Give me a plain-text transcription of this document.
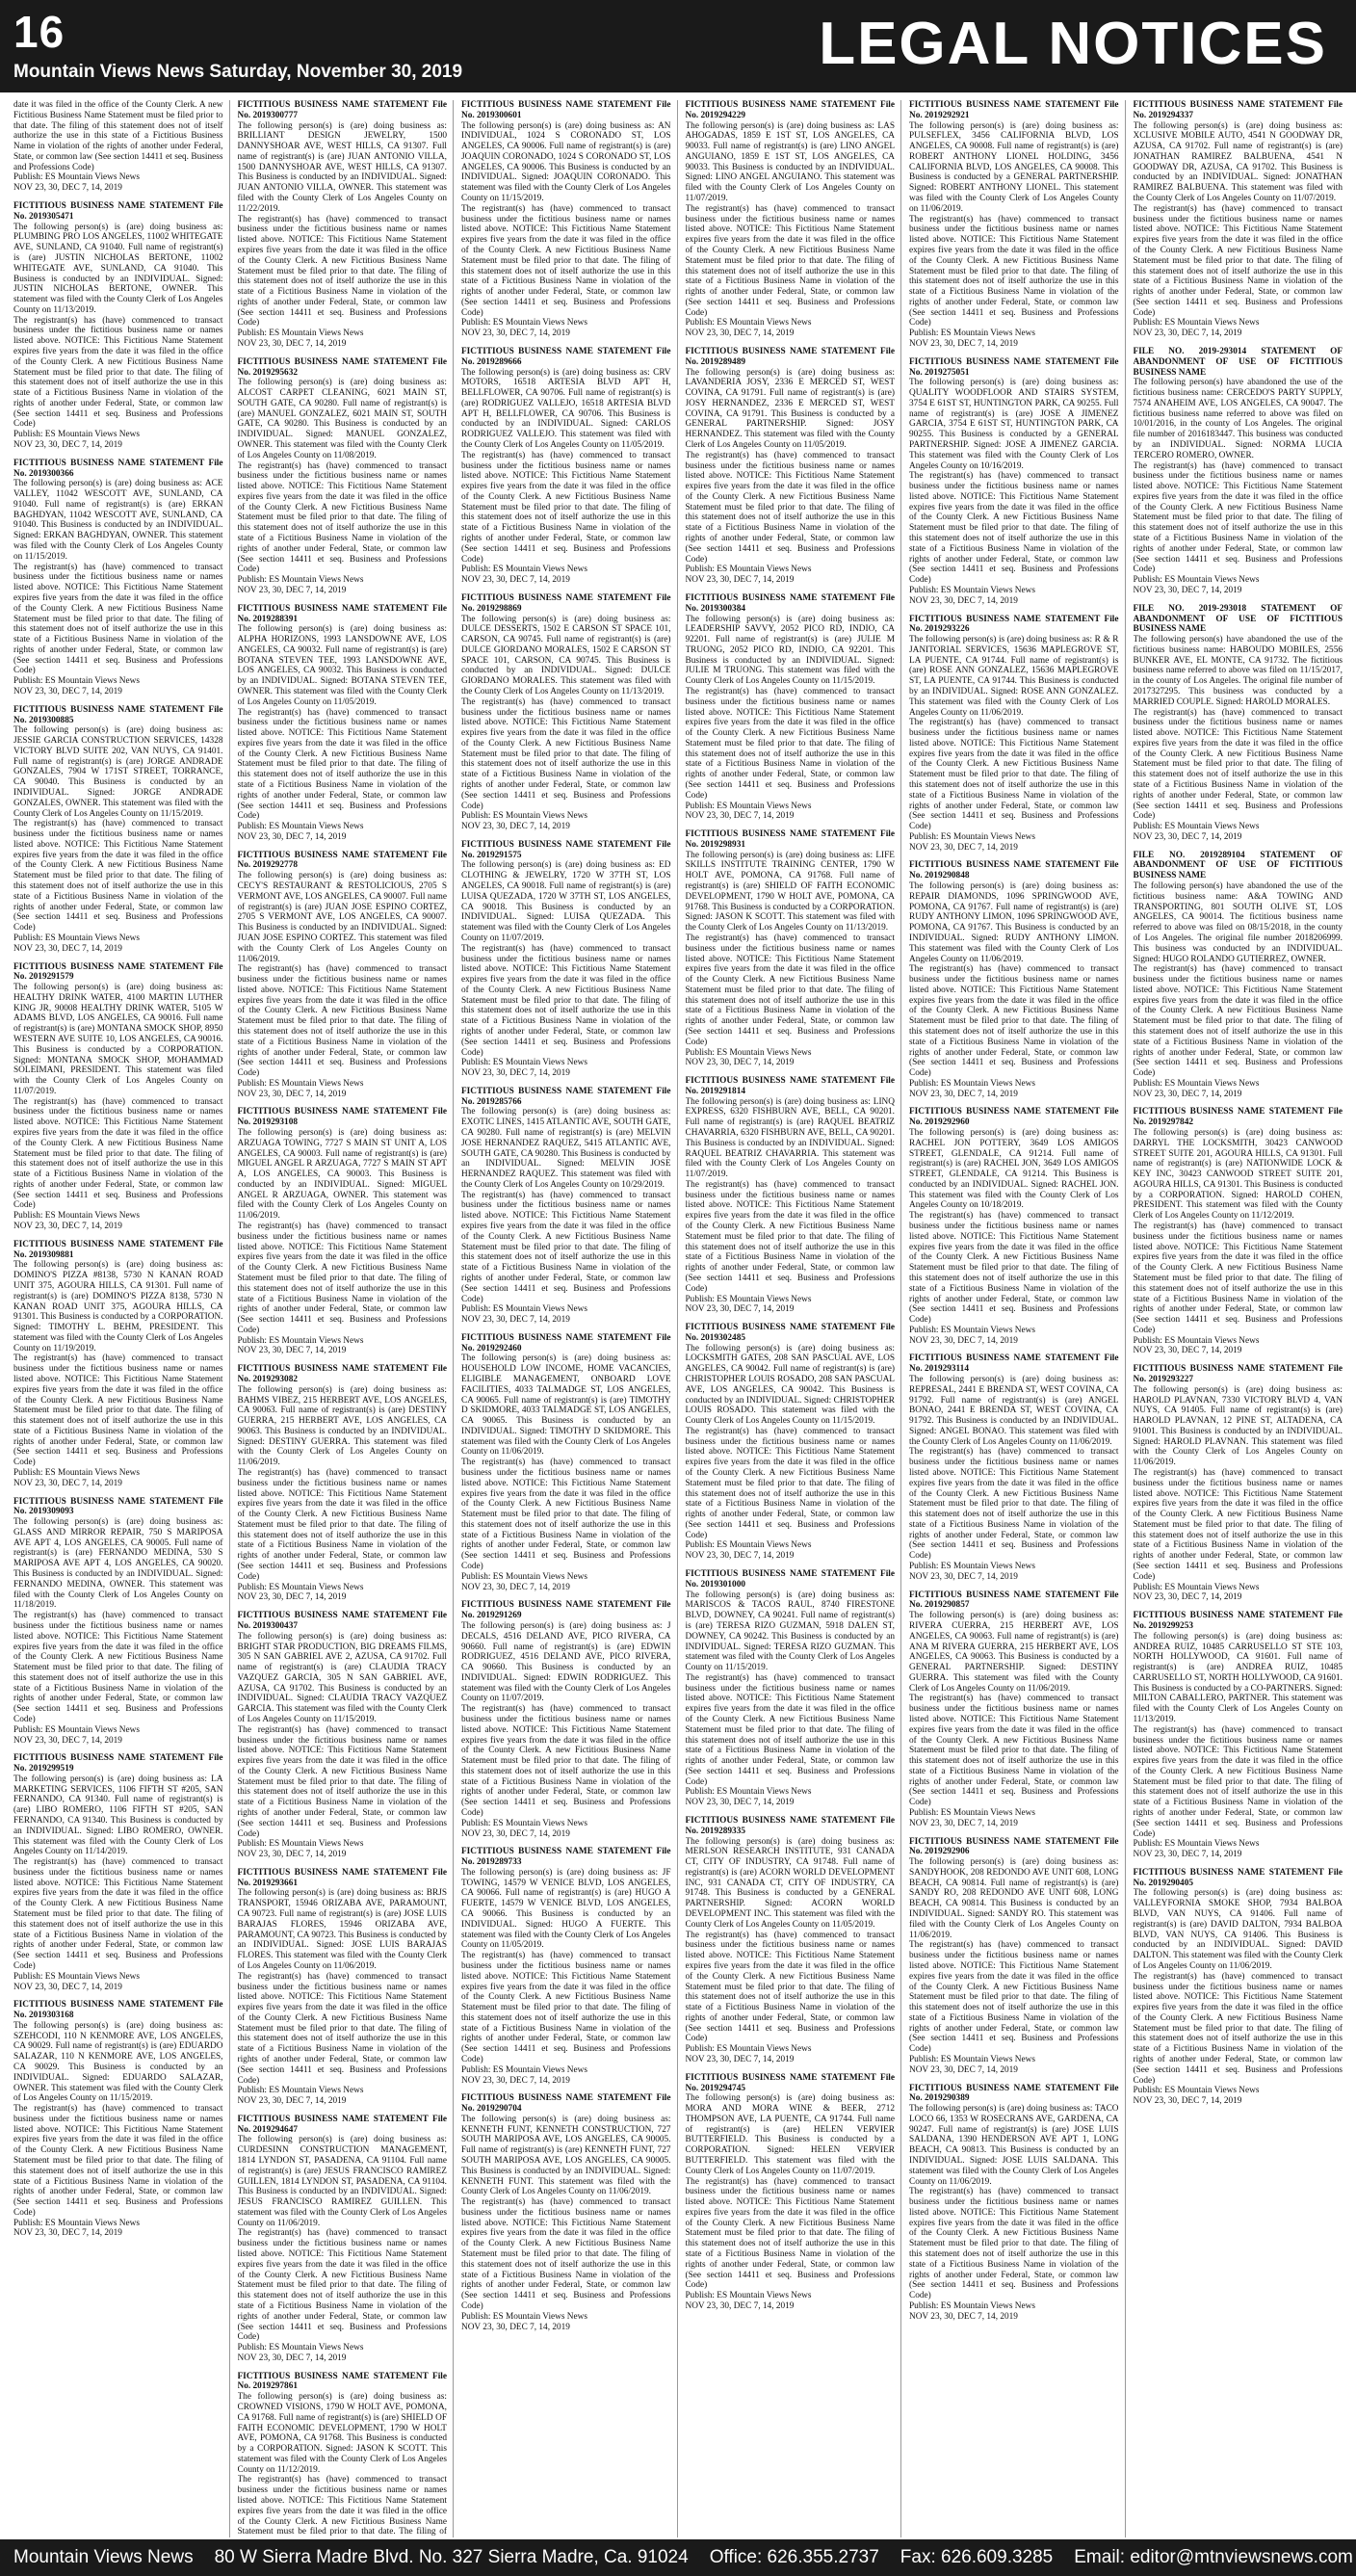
16
Mountain Views News Saturday, November 30, 2019	LEGAL NOTICES

date it was filed in the office of the County Clerk. A new Fictitious Business Name Statement must be filed prior to that date. The filing of this statement does not of itself authorize the use in this state of a Fictitious Business Name in violation of the rights of another under Federal, State, or common law (See section 14411 et seq. Business and Professions Code)

Publish: ES Mountain Views News

NOV 23, 30, DEC 7, 14, 2019

FICTITIOUS BUSINESS NAME STATEMENT File No. 2019305471

The following person(s) is (are) doing business as: PLUMBING PRO LOS ANGELES, 11002 WHITEGATE AVE, SUNLAND, CA 91040. Full name of registrant(s) is (are) JUSTIN NICHOLAS BERTONE, 11002 WHITEGATE AVE, SUNLAND, CA 91040. This Business is conducted by an INDIVIDUAL. Signed: JUSTIN NICHOLAS BERTONE, OWNER. This statement was filed with the County Clerk of Los Angeles County on 11/13/2019.

The registrant(s) has (have) commenced to transact business under the fictitious business name or names listed above. NOTICE: This Fictitious Name Statement expires five years from the date it was filed in the office of the County Clerk. A new Fictitious Business Name Statement must be filed prior to that date. The filing of this statement does not of itself authorize the use in this state of a Fictitious Business Name in violation of the rights of another under Federal, State, or common law (See section 14411 et seq. Business and Professions Code)

Publish: ES Mountain Views News

NOV 23, 30, DEC 7, 14, 2019

FICTITIOUS BUSINESS NAME STATEMENT File No. 2019300366

The following person(s) is (are) doing business as: ACE VALLEY, 11042 WESCOTT AVE, SUNLAND, CA 91040. Full name of registrant(s) is (are) ERKAN BAGHDYAN, 11042 WESCOTT AVE, SUNLAND, CA 91040. This Business is conducted by an INDIVIDUAL. Signed: ERKAN BAGHDYAN, OWNER. This statement was filed with the County Clerk of Los Angeles County on 11/15/2019.

The registrant(s) has (have) commenced to transact business under the fictitious business name or names listed above. NOTICE: This Fictitious Name Statement expires five years from the date it was filed in the office of the County Clerk. A new Fictitious Business Name Statement must be filed prior to that date. The filing of this statement does not of itself authorize the use in this state of a Fictitious Business Name in violation of the rights of another under Federal, State, or common law (See section 14411 et seq. Business and Professions Code)

Publish: ES Mountain Views News

NOV 23, 30, DEC 7, 14, 2019

FICTITIOUS BUSINESS NAME STATEMENT File No. 2019300885

The following person(s) is (are) doing business as: JESSIE GARCIA CONSTRUCTION SERVICES, 14328 VICTORY BLVD SUITE 202, VAN NUYS, CA 91401. Full name of registrant(s) is (are) JORGE ANDRADE GONZALES, 7904 W 171ST STREET, TORRANCE, CA 90040. This Business is conducted by an INDIVIDUAL. Signed: JORGE ANDRADE GONZALES, OWNER. This statement was filed with the County Clerk of Los Angeles County on 11/15/2019.

The registrant(s) has (have) commenced to transact business under the fictitious business name or names listed above. NOTICE: This Fictitious Name Statement expires five years from the date it was filed in the office of the County Clerk. A new Fictitious Business Name Statement must be filed prior to that date. The filing of this statement does not of itself authorize the use in this state of a Fictitious Business Name in violation of the rights of another under Federal, State, or common law (See section 14411 et seq. Business and Professions Code)

Publish: ES Mountain Views News

NOV 23, 30, DEC 7, 14, 2019

FICTITIOUS BUSINESS NAME STATEMENT File No. 2019291579

The following person(s) is (are) doing business as: HEALTHY DRINK WATER, 4100 MARTIN LUTHER KING JR, 90008 HEALTHY DRINK WATER, 5105 W ADAMS BLVD, LOS ANGELES, CA 90016. Full name of registrant(s) is (are) MONTANA SMOCK SHOP, 8950 WESTERN AVE SUITE 10, LOS ANGELES, CA 90016. This Business is conducted by a CORPORATION. Signed: MONTANA SMOCK SHOP, MOHAMMAD SOLEIMANI, PRESIDENT. This statement was filed with the County Clerk of Los Angeles County on 11/07/2019.

The registrant(s) has (have) commenced to transact business under the fictitious business name or names listed above. NOTICE: This Fictitious Name Statement expires five years from the date it was filed in the office of the County Clerk. A new Fictitious Business Name Statement must be filed prior to that date. The filing of this statement does not of itself authorize the use in this state of a Fictitious Business Name in violation of the rights of another under Federal, State, or common law (See section 14411 et seq. Business and Professions Code)

Publish: ES Mountain Views News

NOV 23, 30, DEC 7, 14, 2019

FICTITIOUS BUSINESS NAME STATEMENT File No. 2019309881

The following person(s) is (are) doing business as: DOMINO'S PIZZA #8138, 5730 N KANAN ROAD UNIT 375, AGOURA HILLS, CA 91301. Full name of registrant(s) is (are) DOMINO'S PIZZA 8138, 5730 N KANAN ROAD UNIT 375, AGOURA HILLS, CA 91301. This Business is conducted by a CORPORATION. Signed: TIMOTHY L. BEHM, PRESIDENT. This statement was filed with the County Clerk of Los Angeles County on 11/19/2019.

The registrant(s) has (have) commenced to transact business under the fictitious business name or names listed above. NOTICE: This Fictitious Name Statement expires five years from the date it was filed in the office of the County Clerk. A new Fictitious Business Name Statement must be filed prior to that date. The filing of this statement does not of itself authorize the use in this state of a Fictitious Business Name in violation of the rights of another under Federal, State, or common law (See section 14411 et seq. Business and Professions Code)

Publish: ES Mountain Views News

NOV 23, 30, DEC 7, 14, 2019

FICTITIOUS BUSINESS NAME STATEMENT File No. 2019309093

The following person(s) is (are) doing business as: GLASS AND MIRROR REPAIR, 750 S MARIPOSA AVE APT 4, LOS ANGELES, CA 90005. Full name of registrant(s) is (are) FERNANDO MEDINA, 530 S MARIPOSA AVE APT 4, LOS ANGELES, CA 90020. This Business is conducted by an INDIVIDUAL. Signed: FERNANDO MEDINA, OWNER. This statement was filed with the County Clerk of Los Angeles County on 11/18/2019.

The registrant(s) has (have) commenced to transact business under the fictitious business name or names listed above. NOTICE: This Fictitious Name Statement expires five years from the date it was filed in the office of the County Clerk. A new Fictitious Business Name Statement must be filed prior to that date. The filing of this statement does not of itself authorize the use in this state of a Fictitious Business Name in violation of the rights of another under Federal, State, or common law (See section 14411 et seq. Business and Professions Code)

Publish: ES Mountain Views News

NOV 23, 30, DEC 7, 14, 2019

FICTITIOUS BUSINESS NAME STATEMENT File No. 2019299519

The following person(s) is (are) doing business as: LA MARKETING SERVICES, 1106 FIFTH ST #205, SAN FERNANDO, CA 91340. Full name of registrant(s) is (are) LIBO ROMERO, 1106 FIFTH ST #205, SAN FERNANDO, CA 91340. This Business is conducted by an INDIVIDUAL. Signed: LIBO ROMERO, OWNER. This statement was filed with the County Clerk of Los Angeles County on 11/14/2019.

The registrant(s) has (have) commenced to transact business under the fictitious business name or names listed above. NOTICE: This Fictitious Name Statement expires five years from the date it was filed in the office of the County Clerk. A new Fictitious Business Name Statement must be filed prior to that date. The filing of this statement does not of itself authorize the use in this state of a Fictitious Business Name in violation of the rights of another under Federal, State, or common law (See section 14411 et seq. Business and Professions Code)

Publish: ES Mountain Views News

NOV 23, 30, DEC 7, 14, 2019

FICTITIOUS BUSINESS NAME STATEMENT File No. 2019303168

The following person(s) is (are) doing business as: SZEHCODI, 110 N KENMORE AVE, LOS ANGELES, CA 90029. Full name of registrant(s) is (are) EDUARDO SALAZAR, 110 N KENMORE AVE, LOS ANGELES, CA 90029. This Business is conducted by an INDIVIDUAL. Signed: EDUARDO SALAZAR, OWNER. This statement was filed with the County Clerk of Los Angeles County on 11/15/2019.

The registrant(s) has (have) commenced to transact business under the fictitious business name or names listed above. NOTICE: This Fictitious Name Statement expires five years from the date it was filed in the office of the County Clerk. A new Fictitious Business Name Statement must be filed prior to that date. The filing of this statement does not of itself authorize the use in this state of a Fictitious Business Name in violation of the rights of another under Federal, State, or common law (See section 14411 et seq. Business and Professions Code)

Publish: ES Mountain Views News

NOV 23, 30, DEC 7, 14, 2019

FICTITIOUS BUSINESS NAME STATEMENT File No. 2019300777

The following person(s) is (are) doing business as: BRILLIANT DESIGN JEWELRY, 1500 DANNYSHOAR AVE, WEST HILLS, CA 91307. Full name of registrant(s) is (are) JUAN ANTONIO VILLA, 1500 DANNYSHOAR AVE, WEST HILLS, CA 91307. This Business is conducted by an INDIVIDUAL. Signed: JUAN ANTONIO VILLA, OWNER. This statement was filed with the County Clerk of Los Angeles County on 11/22/2019.

The registrant(s) has (have) commenced to transact business under the fictitious business name or names listed above. NOTICE: This Fictitious Name Statement expires five years from the date it was filed in the office of the County Clerk. A new Fictitious Business Name Statement must be filed prior to that date. The filing of this statement does not of itself authorize the use in this state of a Fictitious Business Name in violation of the rights of another under Federal, State, or common law (See section 14411 et seq. Business and Professions Code)

Publish: ES Mountain Views News

NOV 23, 30, DEC 7, 14, 2019

FICTITIOUS BUSINESS NAME STATEMENT File No. 2019295632

The following person(s) is (are) doing business as: ALCOST CARPET CLEANING, 6021 MAIN ST, SOUTH GATE, CA 90280. Full name of registrant(s) is (are) MANUEL GONZALEZ, 6021 MAIN ST, SOUTH GATE, CA 90280. This Business is conducted by an INDIVIDUAL. Signed: MANUEL GONZALEZ, OWNER. This statement was filed with the County Clerk of Los Angeles County on 11/08/2019.

The registrant(s) has (have) commenced to transact business under the fictitious business name or names listed above. NOTICE: This Fictitious Name Statement expires five years from the date it was filed in the office of the County Clerk. A new Fictitious Business Name Statement must be filed prior to that date. The filing of this statement does not of itself authorize the use in this state of a Fictitious Business Name in violation of the rights of another under Federal, State, or common law (See section 14411 et seq. Business and Professions Code)

Publish: ES Mountain Views News

NOV 23, 30, DEC 7, 14, 2019

FICTITIOUS BUSINESS NAME STATEMENT File No. 2019288391

The following person(s) is (are) doing business as: ALPHA HORIZONS, 1993 LANSDOWNE AVE, LOS ANGELES, CA 90032. Full name of registrant(s) is (are) BOTANA STEVEN TEE, 1993 LANSDOWNE AVE, LOS ANGELES, CA 90032. This Business is conducted by an INDIVIDUAL. Signed: BOTANA STEVEN TEE, OWNER. This statement was filed with the County Clerk of Los Angeles County on 11/05/2019.

The registrant(s) has (have) commenced to transact business under the fictitious business name or names listed above. NOTICE: This Fictitious Name Statement expires five years from the date it was filed in the office of the County Clerk. A new Fictitious Business Name Statement must be filed prior to that date. The filing of this statement does not of itself authorize the use in this state of a Fictitious Business Name in violation of the rights of another under Federal, State, or common law (See section 14411 et seq. Business and Professions Code)

Publish: ES Mountain Views News

NOV 23, 30, DEC 7, 14, 2019

FICTITIOUS BUSINESS NAME STATEMENT File No. 2019292778

The following person(s) is (are) doing business as: CECY'S RESTAURANT & RESTOLICIOUS, 2705 S VERMONT AVE, LOS ANGELES, CA 90007. Full name of registrant(s) is (are) JUAN JOSE ESPINO CORTEZ, 2705 S VERMONT AVE, LOS ANGELES, CA 90007. This Business is conducted by an INDIVIDUAL. Signed: JUAN JOSE ESPINO CORTEZ. This statement was filed with the County Clerk of Los Angeles County on 11/06/2019.

The registrant(s) has (have) commenced to transact business under the fictitious business name or names listed above. NOTICE: This Fictitious Name Statement expires five years from the date it was filed in the office of the County Clerk. A new Fictitious Business Name Statement must be filed prior to that date. The filing of this statement does not of itself authorize the use in this state of a Fictitious Business Name in violation of the rights of another under Federal, State, or common law (See section 14411 et seq. Business and Professions Code)

Publish: ES Mountain Views News

NOV 23, 30, DEC 7, 14, 2019

FICTITIOUS BUSINESS NAME STATEMENT File No. 2019293108

The following person(s) is (are) doing business as: ARZUAGA TOWING, 7727 S MAIN ST UNIT A, LOS ANGELES, CA 90003. Full name of registrant(s) is (are) MIGUEL ANGEL R ARZUAGA, 7727 S MAIN ST APT A, LOS ANGELES, CA 90003. This Business is conducted by an INDIVIDUAL. Signed: MIGUEL ANGEL R ARZUAGA, OWNER. This statement was filed with the County Clerk of Los Angeles County on 11/06/2019.

The registrant(s) has (have) commenced to transact business under the fictitious business name or names listed above. NOTICE: This Fictitious Name Statement expires five years from the date it was filed in the office of the County Clerk. A new Fictitious Business Name Statement must be filed prior to that date. The filing of this statement does not of itself authorize the use in this state of a Fictitious Business Name in violation of the rights of another under Federal, State, or common law (See section 14411 et seq. Business and Professions Code)

Publish: ES Mountain Views News

NOV 23, 30, DEC 7, 14, 2019

FICTITIOUS BUSINESS NAME STATEMENT File No. 2019293082

The following person(s) is (are) doing business as: BAHMS VIBEZ, 215 HERBERT AVE, LOS ANGELES, CA 90063. Full name of registrant(s) is (are) DESTINY GUERRA, 215 HERBERT AVE, LOS ANGELES, CA 90063. This Business is conducted by an INDIVIDUAL. Signed: DESTINY GUERRA. This statement was filed with the County Clerk of Los Angeles County on 11/06/2019.

The registrant(s) has (have) commenced to transact business under the fictitious business name or names listed above. NOTICE: This Fictitious Name Statement expires five years from the date it was filed in the office of the County Clerk. A new Fictitious Business Name Statement must be filed prior to that date. The filing of this statement does not of itself authorize the use in this state of a Fictitious Business Name in violation of the rights of another under Federal, State, or common law (See section 14411 et seq. Business and Professions Code)

Publish: ES Mountain Views News

NOV 23, 30, DEC 7, 14, 2019

FICTITIOUS BUSINESS NAME STATEMENT File No. 2019300437

The following person(s) is (are) doing business as: BRIGHT STAR PRODUCTION, BIG DREAMS FILMS, 305 N SAN GABRIEL AVE 2, AZUSA, CA 91702. Full name of registrant(s) is (are) CLAUDIA TRACY VAZQUEZ GARCIA, 305 N SAN GABRIEL AVE, AZUSA, CA 91702. This Business is conducted by an INDIVIDUAL. Signed: CLAUDIA TRACY VAZQUEZ GARCIA. This statement was filed with the County Clerk of Los Angeles County on 11/15/2019.

The registrant(s) has (have) commenced to transact business under the fictitious business name or names listed above. NOTICE: This Fictitious Name Statement expires five years from the date it was filed in the office of the County Clerk. A new Fictitious Business Name Statement must be filed prior to that date. The filing of this statement does not of itself authorize the use in this state of a Fictitious Business Name in violation of the rights of another under Federal, State, or common law (See section 14411 et seq. Business and Professions Code)

Publish: ES Mountain Views News

NOV 23, 30, DEC 7, 14, 2019

FICTITIOUS BUSINESS NAME STATEMENT File No. 2019293661

The following person(s) is (are) doing business as: BRJS TRANSPORT, 15946 ORIZABA AVE, PARAMOUNT, CA 90723. Full name of registrant(s) is (are) JOSE LUIS BARAJAS FLORES, 15946 ORIZABA AVE, PARAMOUNT, CA 90723. This Business is conducted by an INDIVIDUAL. Signed: JOSE LUIS BARAJAS FLORES. This statement was filed with the County Clerk of Los Angeles County on 11/06/2019.

The registrant(s) has (have) commenced to transact business under the fictitious business name or names listed above. NOTICE: This Fictitious Name Statement expires five years from the date it was filed in the office of the County Clerk. A new Fictitious Business Name Statement must be filed prior to that date. The filing of this statement does not of itself authorize the use in this state of a Fictitious Business Name in violation of the rights of another under Federal, State, or common law (See section 14411 et seq. Business and Professions Code)

Publish: ES Mountain Views News

NOV 23, 30, DEC 7, 14, 2019

FICTITIOUS BUSINESS NAME STATEMENT File No. 2019294647

The following person(s) is (are) doing business as: CURDESINN CONSTRUCTION MANAGEMENT, 1814 LYNDON ST, PASADENA, CA 91104. Full name of registrant(s) is (are) JESUS FRANCISCO RAMIREZ GUILLEN, 1814 LYNDON ST, PASADENA, CA 91104. This Business is conducted by an INDIVIDUAL. Signed: JESUS FRANCISCO RAMIREZ GUILLEN. This statement was filed with the County Clerk of Los Angeles County on 11/06/2019.

The registrant(s) has (have) commenced to transact business under the fictitious business name or names listed above. NOTICE: This Fictitious Name Statement expires five years from the date it was filed in the office of the County Clerk. A new Fictitious Business Name Statement must be filed prior to that date. The filing of this statement does not of itself authorize the use in this state of a Fictitious Business Name in violation of the rights of another under Federal, State, or common law (See section 14411 et seq. Business and Professions Code)

Publish: ES Mountain Views News

NOV 23, 30, DEC 7, 14, 2019

FICTITIOUS BUSINESS NAME STATEMENT File No. 2019297861

The following person(s) is (are) doing business as: CROWNED VISIONS, 1790 W HOLT AVE, POMONA, CA 91768. Full name of registrant(s) is (are) SHIELD OF FAITH ECONOMIC DEVELOPMENT, 1790 W HOLT AVE, POMONA, CA 91768. This Business is conducted by a CORPORATION. Signed: JASON K SCOTT. This statement was filed with the County Clerk of Los Angeles County on 11/12/2019.

The registrant(s) has (have) commenced to transact business under the fictitious business name or names listed above. NOTICE: This Fictitious Name Statement expires five years from the date it was filed in the office of the County Clerk. A new Fictitious Business Name Statement must be filed prior to that date. The filing of

FICTITIOUS BUSINESS NAME STATEMENT File No. 2019300601

The following person(s) is (are) doing business as: AN INDIVIDUAL, 1024 S CORONADO ST, LOS ANGELES, CA 90006. Full name of registrant(s) is (are) JOAQUIN CORONADO, 1024 S CORONADO ST, LOS ANGELES, CA 90006. This Business is conducted by an INDIVIDUAL. Signed: JOAQUIN CORONADO. This statement was filed with the County Clerk of Los Angeles County on 11/15/2019.

The registrant(s) has (have) commenced to transact business under the fictitious business name or names listed above. NOTICE: This Fictitious Name Statement expires five years from the date it was filed in the office of the County Clerk. A new Fictitious Business Name Statement must be filed prior to that date. The filing of this statement does not of itself authorize the use in this state of a Fictitious Business Name in violation of the rights of another under Federal, State, or common law (See section 14411 et seq. Business and Professions Code)

Publish: ES Mountain Views News

NOV 23, 30, DEC 7, 14, 2019

FICTITIOUS BUSINESS NAME STATEMENT File No. 2019289666

The following person(s) is (are) doing business as: CRV MOTORS, 16518 ARTESIA BLVD APT H, BELLFLOWER, CA 90706. Full name of registrant(s) is (are) RODRIGUEZ VALLEJO, 16518 ARTESIA BLVD APT H, BELLFLOWER, CA 90706. This Business is conducted by an INDIVIDUAL. Signed: CARLOS RODRIGUEZ VALLEJO. This statement was filed with the County Clerk of Los Angeles County on 11/05/2019.

The registrant(s) has (have) commenced to transact business under the fictitious business name or names listed above. NOTICE: This Fictitious Name Statement expires five years from the date it was filed in the office of the County Clerk. A new Fictitious Business Name Statement must be filed prior to that date. The filing of this statement does not of itself authorize the use in this state of a Fictitious Business Name in violation of the rights of another under Federal, State, or common law (See section 14411 et seq. Business and Professions Code)

Publish: ES Mountain Views News

NOV 23, 30, DEC 7, 14, 2019

FICTITIOUS BUSINESS NAME STATEMENT File No. 2019298869

The following person(s) is (are) doing business as: DULCE DESSERTS, 1502 E CARSON ST SPACE 101, CARSON, CA 90745. Full name of registrant(s) is (are) DULCE GIORDANO MORALES, 1502 E CARSON ST SPACE 101, CARSON, CA 90745. This Business is conducted by an INDIVIDUAL. Signed: DULCE GIORDANO MORALES. This statement was filed with the County Clerk of Los Angeles County on 11/13/2019.

The registrant(s) has (have) commenced to transact business under the fictitious business name or names listed above. NOTICE: This Fictitious Name Statement expires five years from the date it was filed in the office of the County Clerk. A new Fictitious Business Name Statement must be filed prior to that date. The filing of this statement does not of itself authorize the use in this state of a Fictitious Business Name in violation of the rights of another under Federal, State, or common law (See section 14411 et seq. Business and Professions Code)

Publish: ES Mountain Views News

NOV 23, 30, DEC 7, 14, 2019

FICTITIOUS BUSINESS NAME STATEMENT File No. 2019291575

The following person(s) is (are) doing business as: ED CLOTHING & JEWELRY, 1720 W 37TH ST, LOS ANGELES, CA 90018. Full name of registrant(s) is (are) LUISA QUEZADA, 1720 W 37TH ST, LOS ANGELES, CA 90018. This Business is conducted by an INDIVIDUAL. Signed: LUISA QUEZADA. This statement was filed with the County Clerk of Los Angeles County on 11/07/2019.

The registrant(s) has (have) commenced to transact business under the fictitious business name or names listed above. NOTICE: This Fictitious Name Statement expires five years from the date it was filed in the office of the County Clerk. A new Fictitious Business Name Statement must be filed prior to that date. The filing of this statement does not of itself authorize the use in this state of a Fictitious Business Name in violation of the rights of another under Federal, State, or common law (See section 14411 et seq. Business and Professions Code)

Publish: ES Mountain Views News

NOV 23, 30, DEC 7, 14, 2019

FICTITIOUS BUSINESS NAME STATEMENT File No. 2019285766

The following person(s) is (are) doing business as: EXOTIC LINES, 1415 ATLANTIC AVE, SOUTH GATE, CA 90280. Full name of registrant(s) is (are) MELVIN JOSE HERNANDEZ RAQUEZ, 5415 ATLANTIC AVE, SOUTH GATE, CA 90280. This Business is conducted by an INDIVIDUAL. Signed: MELVIN JOSE HERNANDEZ RAQUEZ. This statement was filed with the County Clerk of Los Angeles County on 10/29/2019.

The registrant(s) has (have) commenced to transact business under the fictitious business name or names listed above. NOTICE: This Fictitious Name Statement expires five years from the date it was filed in the office of the County Clerk. A new Fictitious Business Name Statement must be filed prior to that date. The filing of this statement does not of itself authorize the use in this state of a Fictitious Business Name in violation of the rights of another under Federal, State, or common law (See section 14411 et seq. Business and Professions Code)

Publish: ES Mountain Views News

NOV 23, 30, DEC 7, 14, 2019

FICTITIOUS BUSINESS NAME STATEMENT File No. 2019292460

The following person(s) is (are) doing business as: HOUSEHOLD LOW INCOME, HOME VACANCIES, ELIGIBLE MANAGEMENT, ONBOARD LOVE FACILITIES, 4033 TALMADGE ST, LOS ANGELES, CA 90065. Full name of registrant(s) is (are) TIMOTHY D SKIDMORE, 4033 TALMADGE ST, LOS ANGELES, CA 90065. This Business is conducted by an INDIVIDUAL. Signed: TIMOTHY D SKIDMORE. This statement was filed with the County Clerk of Los Angeles County on 11/06/2019.

The registrant(s) has (have) commenced to transact business under the fictitious business name or names listed above. NOTICE: This Fictitious Name Statement expires five years from the date it was filed in the office of the County Clerk. A new Fictitious Business Name Statement must be filed prior to that date. The filing of this statement does not of itself authorize the use in this state of a Fictitious Business Name in violation of the rights of another under Federal, State, or common law (See section 14411 et seq. Business and Professions Code)

Publish: ES Mountain Views News

NOV 23, 30, DEC 7, 14, 2019

FICTITIOUS BUSINESS NAME STATEMENT File No. 2019291269

The following person(s) is (are) doing business as: J DECALS, 4516 DELAND AVE, PICO RIVERA, CA 90660. Full name of registrant(s) is (are) EDWIN RODRIGUEZ, 4516 DELAND AVE, PICO RIVERA, CA 90660. This Business is conducted by an INDIVIDUAL. Signed: EDWIN RODRIGUEZ. This statement was filed with the County Clerk of Los Angeles County on 11/07/2019.

The registrant(s) has (have) commenced to transact business under the fictitious business name or names listed above. NOTICE: This Fictitious Name Statement expires five years from the date it was filed in the office of the County Clerk. A new Fictitious Business Name Statement must be filed prior to that date. The filing of this statement does not of itself authorize the use in this state of a Fictitious Business Name in violation of the rights of another under Federal, State, or common law (See section 14411 et seq. Business and Professions Code)

Publish: ES Mountain Views News

NOV 23, 30, DEC 7, 14, 2019

FICTITIOUS BUSINESS NAME STATEMENT File No. 2019289733

The following person(s) is (are) doing business as: JF TOWING, 14579 W VENICE BLVD, LOS ANGELES, CA 90066. Full name of registrant(s) is (are) HUGO A FUERTE, 14579 W VENICE BLVD, LOS ANGELES, CA 90066. This Business is conducted by an INDIVIDUAL. Signed: HUGO A FUERTE. This statement was filed with the County Clerk of Los Angeles County on 11/05/2019.

The registrant(s) has (have) commenced to transact business under the fictitious business name or names listed above. NOTICE: This Fictitious Name Statement expires five years from the date it was filed in the office of the County Clerk. A new Fictitious Business Name Statement must be filed prior to that date. The filing of this statement does not of itself authorize the use in this state of a Fictitious Business Name in violation of the rights of another under Federal, State, or common law (See section 14411 et seq. Business and Professions Code)

Publish: ES Mountain Views News

NOV 23, 30, DEC 7, 14, 2019

FICTITIOUS BUSINESS NAME STATEMENT File No. 2019290704

The following person(s) is (are) doing business as: KENNETH FUNT, KENNETH CONSTRUCTION, 727 SOUTH MARIPOSA AVE, LOS ANGELES, CA 90005. Full name of registrant(s) is (are) KENNETH FUNT, 727 SOUTH MARIPOSA AVE, LOS ANGELES, CA 90005. This Business is conducted by an INDIVIDUAL. Signed: KENNETH FUNT. This statement was filed with the County Clerk of Los Angeles County on 11/06/2019.

The registrant(s) has (have) commenced to transact business under the fictitious business name or names listed above. NOTICE: This Fictitious Name Statement expires five years from the date it was filed in the office of the County Clerk. A new Fictitious Business Name Statement must be filed prior to that date. The filing of this statement does not of itself authorize the use in this state of a Fictitious Business Name in violation of the rights of another under Federal, State, or common law (See section 14411 et seq. Business and Professions Code)

Publish: ES Mountain Views News

NOV 23, 30, DEC 7, 14, 2019

FICTITIOUS BUSINESS NAME STATEMENT File No. 2019294229

The following person(s) is (are) doing business as: LAS AHOGADAS, 1859 E 1ST ST, LOS ANGELES, CA 90033. Full name of registrant(s) is (are) LINO ANGEL ANGUIANO, 1859 E 1ST ST, LOS ANGELES, CA 90033. This Business is conducted by an INDIVIDUAL. Signed: LINO ANGEL ANGUIANO. This statement was filed with the County Clerk of Los Angeles County on 11/07/2019.

The registrant(s) has (have) commenced to transact business under the fictitious business name or names listed above. NOTICE: This Fictitious Name Statement expires five years from the date it was filed in the office of the County Clerk. A new Fictitious Business Name Statement must be filed prior to that date. The filing of this statement does not of itself authorize the use in this state of a Fictitious Business Name in violation of the rights of another under Federal, State, or common law (See section 14411 et seq. Business and Professions Code)

Publish: ES Mountain Views News

NOV 23, 30, DEC 7, 14, 2019

FICTITIOUS BUSINESS NAME STATEMENT File No. 2019289489

The following person(s) is (are) doing business as: LAVANDERIA JOSY, 2336 E MERCED ST, WEST COVINA, CA 91791. Full name of registrant(s) is (are) JOSY HERNANDEZ, 2336 E MERCED ST, WEST COVINA, CA 91791. This Business is conducted by a GENERAL PARTNERSHIP. Signed: JOSY HERNANDEZ. This statement was filed with the County Clerk of Los Angeles County on 11/05/2019.

The registrant(s) has (have) commenced to transact business under the fictitious business name or names listed above. NOTICE: This Fictitious Name Statement expires five years from the date it was filed in the office of the County Clerk. A new Fictitious Business Name Statement must be filed prior to that date. The filing of this statement does not of itself authorize the use in this state of a Fictitious Business Name in violation of the rights of another under Federal, State, or common law (See section 14411 et seq. Business and Professions Code)

Publish: ES Mountain Views News

NOV 23, 30, DEC 7, 14, 2019

FICTITIOUS BUSINESS NAME STATEMENT File No. 2019300384

The following person(s) is (are) doing business as: LEADERSHIP SAVVY, 2052 PICO RD, INDIO, CA 92201. Full name of registrant(s) is (are) JULIE M TRUONG, 2052 PICO RD, INDIO, CA 92201. This Business is conducted by an INDIVIDUAL. Signed: JULIE M TRUONG. This statement was filed with the County Clerk of Los Angeles County on 11/15/2019.

The registrant(s) has (have) commenced to transact business under the fictitious business name or names listed above. NOTICE: This Fictitious Name Statement expires five years from the date it was filed in the office of the County Clerk. A new Fictitious Business Name Statement must be filed prior to that date. The filing of this statement does not of itself authorize the use in this state of a Fictitious Business Name in violation of the rights of another under Federal, State, or common law (See section 14411 et seq. Business and Professions Code)

Publish: ES Mountain Views News

NOV 23, 30, DEC 7, 14, 2019

FICTITIOUS BUSINESS NAME STATEMENT File No. 2019298931

The following person(s) is (are) doing business as: LIFE SKILLS INSTITUTE TRAINING CENTER, 1790 W HOLT AVE, POMONA, CA 91768. Full name of registrant(s) is (are) SHIELD OF FAITH ECONOMIC DEVELOPMENT, 1790 W HOLT AVE, POMONA, CA 91768. This Business is conducted by a CORPORATION. Signed: JASON K SCOTT. This statement was filed with the County Clerk of Los Angeles County on 11/13/2019.

The registrant(s) has (have) commenced to transact business under the fictitious business name or names listed above. NOTICE: This Fictitious Name Statement expires five years from the date it was filed in the office of the County Clerk. A new Fictitious Business Name Statement must be filed prior to that date. The filing of this statement does not of itself authorize the use in this state of a Fictitious Business Name in violation of the rights of another under Federal, State, or common law (See section 14411 et seq. Business and Professions Code)

Publish: ES Mountain Views News

NOV 23, 30, DEC 7, 14, 2019

FICTITIOUS BUSINESS NAME STATEMENT File No. 2019291814

The following person(s) is (are) doing business as: LINQ EXPRESS, 6320 FISHBURN AVE, BELL, CA 90201. Full name of registrant(s) is (are) RAQUEL BEATRIZ CHAVARRIA, 6320 FISHBURN AVE, BELL, CA 90201. This Business is conducted by an INDIVIDUAL. Signed: RAQUEL BEATRIZ CHAVARRIA. This statement was filed with the County Clerk of Los Angeles County on 11/07/2019.

The registrant(s) has (have) commenced to transact business under the fictitious business name or names listed above. NOTICE: This Fictitious Name Statement expires five years from the date it was filed in the office of the County Clerk. A new Fictitious Business Name Statement must be filed prior to that date. The filing of this statement does not of itself authorize the use in this state of a Fictitious Business Name in violation of the rights of another under Federal, State, or common law (See section 14411 et seq. Business and Professions Code)

Publish: ES Mountain Views News

NOV 23, 30, DEC 7, 14, 2019

FICTITIOUS BUSINESS NAME STATEMENT File No. 2019302485

The following person(s) is (are) doing business as: LOCKSMITH GATES, 208 SAN PASCUAL AVE, LOS ANGELES, CA 90042. Full name of registrant(s) is (are) CHRISTOPHER LOUIS ROSADO, 208 SAN PASCUAL AVE, LOS ANGELES, CA 90042. This Business is conducted by an INDIVIDUAL. Signed: CHRISTOPHER LOUIS ROSADO. This statement was filed with the County Clerk of Los Angeles County on 11/15/2019.

The registrant(s) has (have) commenced to transact business under the fictitious business name or names listed above. NOTICE: This Fictitious Name Statement expires five years from the date it was filed in the office of the County Clerk. A new Fictitious Business Name Statement must be filed prior to that date. The filing of this statement does not of itself authorize the use in this state of a Fictitious Business Name in violation of the rights of another under Federal, State, or common law (See section 14411 et seq. Business and Professions Code)

Publish: ES Mountain Views News

NOV 23, 30, DEC 7, 14, 2019

FICTITIOUS BUSINESS NAME STATEMENT File No. 2019301000

The following person(s) is (are) doing business as: MARISCOS & TACOS RAUL, 8740 FIRESTONE BLVD, DOWNEY, CA 90241. Full name of registrant(s) is (are) TERESA RIZO GUZMAN, 5918 DALEN ST, DOWNEY, CA 90242. This Business is conducted by an INDIVIDUAL. Signed: TERESA RIZO GUZMAN. This statement was filed with the County Clerk of Los Angeles County on 11/15/2019.

The registrant(s) has (have) commenced to transact business under the fictitious business name or names listed above. NOTICE: This Fictitious Name Statement expires five years from the date it was filed in the office of the County Clerk. A new Fictitious Business Name Statement must be filed prior to that date. The filing of this statement does not of itself authorize the use in this state of a Fictitious Business Name in violation of the rights of another under Federal, State, or common law (See section 14411 et seq. Business and Professions Code)

Publish: ES Mountain Views News

NOV 23, 30, DEC 7, 14, 2019

FICTITIOUS BUSINESS NAME STATEMENT File No. 2019289335

The following person(s) is (are) doing business as: MERLSON RESEARCH INSTITUTE, 931 CANADA CT, CITY OF INDUSTRY, CA 91748. Full name of registrant(s) is (are) ACORN WORLD DEVELOPMENT INC, 931 CANADA CT, CITY OF INDUSTRY, CA 91748. This Business is conducted by a GENERAL PARTNERSHIP. Signed: ACORN WORLD DEVELOPMENT INC. This statement was filed with the County Clerk of Los Angeles County on 11/05/2019.

The registrant(s) has (have) commenced to transact business under the fictitious business name or names listed above. NOTICE: This Fictitious Name Statement expires five years from the date it was filed in the office of the County Clerk. A new Fictitious Business Name Statement must be filed prior to that date. The filing of this statement does not of itself authorize the use in this state of a Fictitious Business Name in violation of the rights of another under Federal, State, or common law (See section 14411 et seq. Business and Professions Code)

Publish: ES Mountain Views News

NOV 23, 30, DEC 7, 14, 2019

FICTITIOUS BUSINESS NAME STATEMENT File No. 2019294745

The following person(s) is (are) doing business as: MORA AND MORA WINE & BEER, 2712 THOMPSON AVE, LA PUENTE, CA 91744. Full name of registrant(s) is (are) HELEN VERVIER BUTTERFIELD. This Business is conducted by a CORPORATION. Signed: HELEN VERVIER BUTTERFIELD. This statement was filed with the County Clerk of Los Angeles County on 11/07/2019.

The registrant(s) has (have) commenced to transact business under the fictitious business name or names listed above. NOTICE: This Fictitious Name Statement expires five years from the date it was filed in the office of the County Clerk. A new Fictitious Business Name Statement must be filed prior to that date. The filing of this statement does not of itself authorize the use in this state of a Fictitious Business Name in violation of the rights of another under Federal, State, or common law (See section 14411 et seq. Business and Professions Code)

Publish: ES Mountain Views News

NOV 23, 30, DEC 7, 14, 2019

FICTITIOUS BUSINESS NAME STATEMENT File No. 2019292921

The following person(s) is (are) doing business as: PULSEFLEX, 3456 CALIFORNIA BLVD, LOS ANGELES, CA 90008. Full name of registrant(s) is (are) ROBERT ANTHONY LIONEL HOLDING, 3456 CALIFORNIA BLVD, LOS ANGELES, CA 90008. This Business is conducted by a GENERAL PARTNERSHIP. Signed: ROBERT ANTHONY LIONEL. This statement was filed with the County Clerk of Los Angeles County on 11/06/2019.

The registrant(s) has (have) commenced to transact business under the fictitious business name or names listed above. NOTICE: This Fictitious Name Statement expires five years from the date it was filed in the office of the County Clerk. A new Fictitious Business Name Statement must be filed prior to that date. The filing of this statement does not of itself authorize the use in this state of a Fictitious Business Name in violation of the rights of another under Federal, State, or common law (See section 14411 et seq. Business and Professions Code)

Publish: ES Mountain Views News

NOV 23, 30, DEC 7, 14, 2019

FICTITIOUS BUSINESS NAME STATEMENT File No. 2019275051

The following person(s) is (are) doing business as: QUALITY WOODFLOOR AND STAIRS SYSTEM, 3754 E 61ST ST, HUNTINGTON PARK, CA 90255. Full name of registrant(s) is (are) JOSE A JIMENEZ GARCIA, 3754 E 61ST ST, HUNTINGTON PARK, CA 90255. This Business is conducted by a GENERAL PARTNERSHIP. Signed: JOSE A JIMENEZ GARCIA. This statement was filed with the County Clerk of Los Angeles County on 10/16/2019.

The registrant(s) has (have) commenced to transact business under the fictitious business name or names listed above. NOTICE: This Fictitious Name Statement expires five years from the date it was filed in the office of the County Clerk. A new Fictitious Business Name Statement must be filed prior to that date. The filing of this statement does not of itself authorize the use in this state of a Fictitious Business Name in violation of the rights of another under Federal, State, or common law (See section 14411 et seq. Business and Professions Code)

Publish: ES Mountain Views News

NOV 23, 30, DEC 7, 14, 2019

FICTITIOUS BUSINESS NAME STATEMENT File No. 2019293226

The following person(s) is (are) doing business as: R & R JANITORIAL SERVICES, 15636 MAPLEGROVE ST, LA PUENTE, CA 91744. Full name of registrant(s) is (are) ROSE ANN GONZALEZ, 15636 MAPLEGROVE ST, LA PUENTE, CA 91744. This Business is conducted by an INDIVIDUAL. Signed: ROSE ANN GONZALEZ. This statement was filed with the County Clerk of Los Angeles County on 11/06/2019.

The registrant(s) has (have) commenced to transact business under the fictitious business name or names listed above. NOTICE: This Fictitious Name Statement expires five years from the date it was filed in the office of the County Clerk. A new Fictitious Business Name Statement must be filed prior to that date. The filing of this statement does not of itself authorize the use in this state of a Fictitious Business Name in violation of the rights of another under Federal, State, or common law (See section 14411 et seq. Business and Professions Code)

Publish: ES Mountain Views News

NOV 23, 30, DEC 7, 14, 2019

FICTITIOUS BUSINESS NAME STATEMENT File No. 2019290848

The following person(s) is (are) doing business as: REPAIR DIAMONDS, 1096 SPRINGWOOD AVE, POMONA, CA 91767. Full name of registrant(s) is (are) RUDY ANTHONY LIMON, 1096 SPRINGWOOD AVE, POMONA, CA 91767. This Business is conducted by an INDIVIDUAL. Signed: RUDY ANTHONY LIMON. This statement was filed with the County Clerk of Los Angeles County on 11/06/2019.

The registrant(s) has (have) commenced to transact business under the fictitious business name or names listed above. NOTICE: This Fictitious Name Statement expires five years from the date it was filed in the office of the County Clerk. A new Fictitious Business Name Statement must be filed prior to that date. The filing of this statement does not of itself authorize the use in this state of a Fictitious Business Name in violation of the rights of another under Federal, State, or common law (See section 14411 et seq. Business and Professions Code)

Publish: ES Mountain Views News

NOV 23, 30, DEC 7, 14, 2019

FICTITIOUS BUSINESS NAME STATEMENT File No. 2019292960

The following person(s) is (are) doing business as: RACHEL JON POTTERY, 3649 LOS AMIGOS STREET, GLENDALE, CA 91214. Full name of registrant(s) is (are) RACHEL JON, 3649 LOS AMIGOS STREET, GLENDALE, CA 91214. This Business is conducted by an INDIVIDUAL. Signed: RACHEL JON. This statement was filed with the County Clerk of Los Angeles County on 10/18/2019.

The registrant(s) has (have) commenced to transact business under the fictitious business name or names listed above. NOTICE: This Fictitious Name Statement expires five years from the date it was filed in the office of the County Clerk. A new Fictitious Business Name Statement must be filed prior to that date. The filing of this statement does not of itself authorize the use in this state of a Fictitious Business Name in violation of the rights of another under Federal, State, or common law (See section 14411 et seq. Business and Professions Code)

Publish: ES Mountain Views News

NOV 23, 30, DEC 7, 14, 2019

FICTITIOUS BUSINESS NAME STATEMENT File No. 2019293114

The following person(s) is (are) doing business as: REPRESAL, 2441 E BRENDA ST, WEST COVINA, CA 91792. Full name of registrant(s) is (are) ANGEL BONAO, 2441 E BRENDA ST, WEST COVINA, CA 91792. This Business is conducted by an INDIVIDUAL. Signed: ANGEL BONAO. This statement was filed with the County Clerk of Los Angeles County on 11/06/2019.

The registrant(s) has (have) commenced to transact business under the fictitious business name or names listed above. NOTICE: This Fictitious Name Statement expires five years from the date it was filed in the office of the County Clerk. A new Fictitious Business Name Statement must be filed prior to that date. The filing of this statement does not of itself authorize the use in this state of a Fictitious Business Name in violation of the rights of another under Federal, State, or common law (See section 14411 et seq. Business and Professions Code)

Publish: ES Mountain Views News

NOV 23, 30, DEC 7, 14, 2019

FICTITIOUS BUSINESS NAME STATEMENT File No. 2019290857

The following person(s) is (are) doing business as: RIVERA CUERRA, 215 HERBERT AVE, LOS ANGELES, CA 90063. Full name of registrant(s) is (are) ANA M RIVERA GUERRA, 215 HERBERT AVE, LOS ANGELES, CA 90063. This Business is conducted by a GENERAL PARTNERSHIP. Signed: DESTINY GUERRA. This statement was filed with the County Clerk of Los Angeles County on 11/06/2019.

The registrant(s) has (have) commenced to transact business under the fictitious business name or names listed above. NOTICE: This Fictitious Name Statement expires five years from the date it was filed in the office of the County Clerk. A new Fictitious Business Name Statement must be filed prior to that date. The filing of this statement does not of itself authorize the use in this state of a Fictitious Business Name in violation of the rights of another under Federal, State, or common law (See section 14411 et seq. Business and Professions Code)

Publish: ES Mountain Views News

NOV 23, 30, DEC 7, 14, 2019

FICTITIOUS BUSINESS NAME STATEMENT File No. 2019292906

The following person(s) is (are) doing business as: SANDYHOOK, 208 REDONDO AVE UNIT 608, LONG BEACH, CA 90814. Full name of registrant(s) is (are) SANDY RO, 208 REDONDO AVE UNIT 608, LONG BEACH, CA 90814. This Business is conducted by an INDIVIDUAL. Signed: SANDY RO. This statement was filed with the County Clerk of Los Angeles County on 11/06/2019.

The registrant(s) has (have) commenced to transact business under the fictitious business name or names listed above. NOTICE: This Fictitious Name Statement expires five years from the date it was filed in the office of the County Clerk. A new Fictitious Business Name Statement must be filed prior to that date. The filing of this statement does not of itself authorize the use in this state of a Fictitious Business Name in violation of the rights of another under Federal, State, or common law (See section 14411 et seq. Business and Professions Code)

Publish: ES Mountain Views News

NOV 23, 30, DEC 7, 14, 2019

FICTITIOUS BUSINESS NAME STATEMENT File No. 2019290389

The following person(s) is (are) doing business as: TACO LOCO 66, 1353 W ROSECRANS AVE, GARDENA, CA 90247. Full name of registrant(s) is (are) JOSE LUIS SALDANA, 1390 HENDERSON AVE APT 1, LONG BEACH, CA 90813. This Business is conducted by an INDIVIDUAL. Signed: JOSE LUIS SALDANA. This statement was filed with the County Clerk of Los Angeles County on 11/06/2019.

The registrant(s) has (have) commenced to transact business under the fictitious business name or names listed above. NOTICE: This Fictitious Name Statement expires five years from the date it was filed in the office of the County Clerk. A new Fictitious Business Name Statement must be filed prior to that date. The filing of this statement does not of itself authorize the use in this state of a Fictitious Business Name in violation of the rights of another under Federal, State, or common law (See section 14411 et seq. Business and Professions Code)

Publish: ES Mountain Views News

NOV 23, 30, DEC 7, 14, 2019

FICTITIOUS BUSINESS NAME STATEMENT File No. 2019294337

The following person(s) is (are) doing business as: XCLUSIVE MOBILE AUTO, 4541 N GOODWAY DR, AZUSA, CA 91702. Full name of registrant(s) is (are) JONATHAN RAMIREZ BALBUENA, 4541 N GOODWAY DR, AZUSA, CA 91702. This Business is conducted by an INDIVIDUAL. Signed: JONATHAN RAMIREZ BALBUENA. This statement was filed with the County Clerk of Los Angeles County on 11/07/2019.

The registrant(s) has (have) commenced to transact business under the fictitious business name or names listed above. NOTICE: This Fictitious Name Statement expires five years from the date it was filed in the office of the County Clerk. A new Fictitious Business Name Statement must be filed prior to that date. The filing of this statement does not of itself authorize the use in this state of a Fictitious Business Name in violation of the rights of another under Federal, State, or common law (See section 14411 et seq. Business and Professions Code)

Publish: ES Mountain Views News

NOV 23, 30, DEC 7, 14, 2019

FILE NO. 2019-293014 STATEMENT OF ABANDONMENT OF USE OF FICTITIOUS BUSINESS NAME

The following person(s) have abandoned the use of the fictitious business name: CERCEDO'S PARTY SUPPLY, 7574 ANAHEIM AVE, LOS ANGELES, CA 90047. The fictitious business name referred to above was filed on 10/01/2016, in the county of Los Angeles. The original file number of 2016183447. This business was conducted by an INDIVIDUAL. Signed: NORMA LUCIA TERCERO ROMERO, OWNER.

The registrant(s) has (have) commenced to transact business under the fictitious business name or names listed above. NOTICE: This Fictitious Name Statement expires five years from the date it was filed in the office of the County Clerk. A new Fictitious Business Name Statement must be filed prior to that date. The filing of this statement does not of itself authorize the use in this state of a Fictitious Business Name in violation of the rights of another under Federal, State, or common law (See section 14411 et seq. Business and Professions Code)

Publish: ES Mountain Views News

NOV 23, 30, DEC 7, 14, 2019

FILE NO. 2019-293018 STATEMENT OF ABANDONMENT OF USE OF FICTITIOUS BUSINESS NAME

The following person(s) have abandoned the use of the fictitious business name: HABOUDO MOBILES, 2556 BUNKER AVE, EL MONTE, CA 91732. The fictitious business name referred to above was filed on 11/15/2017, in the county of Los Angeles. The original file number of 2017327295. This business was conducted by a MARRIED COUPLE. Signed: HAROLD MORALES.

The registrant(s) has (have) commenced to transact business under the fictitious business name or names listed above. NOTICE: This Fictitious Name Statement expires five years from the date it was filed in the office of the County Clerk. A new Fictitious Business Name Statement must be filed prior to that date. The filing of this statement does not of itself authorize the use in this state of a Fictitious Business Name in violation of the rights of another under Federal, State, or common law (See section 14411 et seq. Business and Professions Code)

Publish: ES Mountain Views News

NOV 23, 30, DEC 7, 14, 2019

FILE NO. 2019289104 STATEMENT OF ABANDONMENT OF USE OF FICTITIOUS BUSINESS NAME

The following person(s) have abandoned the use of the fictitious business name: A&A TOWING AND TRANSPORTING, 801 SOUTH OLIVE ST, LOS ANGELES, CA 90014. The fictitious business name referred to above was filed on 08/15/2018, in the county of Los Angeles. The original file number 2018206999. This business was conducted by an INDIVIDUAL. Signed: HUGO ROLANDO GUTIERREZ, OWNER.

The registrant(s) has (have) commenced to transact business under the fictitious business name or names listed above. NOTICE: This Fictitious Name Statement expires five years from the date it was filed in the office of the County Clerk. A new Fictitious Business Name Statement must be filed prior to that date. The filing of this statement does not of itself authorize the use in this state of a Fictitious Business Name in violation of the rights of another under Federal, State, or common law (See section 14411 et seq. Business and Professions Code)

Publish: ES Mountain Views News

NOV 23, 30, DEC 7, 14, 2019

FICTITIOUS BUSINESS NAME STATEMENT File No. 2019297842

The following person(s) is (are) doing business as: DARRYL THE LOCKSMITH, 30423 CANWOOD STREET SUITE 201, AGOURA HILLS, CA 91301. Full name of registrant(s) is (are) NATIONWIDE LOCK & KEY INC, 30423 CANWOOD STREET SUITE 201, AGOURA HILLS, CA 91301. This Business is conducted by a CORPORATION. Signed: HAROLD COHEN, PRESIDENT. This statement was filed with the County Clerk of Los Angeles County on 11/12/2019.

The registrant(s) has (have) commenced to transact business under the fictitious business name or names listed above. NOTICE: This Fictitious Name Statement expires five years from the date it was filed in the office of the County Clerk. A new Fictitious Business Name Statement must be filed prior to that date. The filing of this statement does not of itself authorize the use in this state of a Fictitious Business Name in violation of the rights of another under Federal, State, or common law (See section 14411 et seq. Business and Professions Code)

Publish: ES Mountain Views News

NOV 23, 30, DEC 7, 14, 2019

FICTITIOUS BUSINESS NAME STATEMENT File No. 2019293227

The following person(s) is (are) doing business as: HAROLD PLAVNAN, 7330 VICTORY BLVD 4, VAN NUYS, CA 91405. Full name of registrant(s) is (are) HAROLD PLAVNAN, 12 PINE ST, ALTADENA, CA 91001. This Business is conducted by an INDIVIDUAL. Signed: HAROLD PLAVNAN. This statement was filed with the County Clerk of Los Angeles County on 11/06/2019.

The registrant(s) has (have) commenced to transact business under the fictitious business name or names listed above. NOTICE: This Fictitious Name Statement expires five years from the date it was filed in the office of the County Clerk. A new Fictitious Business Name Statement must be filed prior to that date. The filing of this statement does not of itself authorize the use in this state of a Fictitious Business Name in violation of the rights of another under Federal, State, or common law (See section 14411 et seq. Business and Professions Code)

Publish: ES Mountain Views News

NOV 23, 30, DEC 7, 14, 2019

FICTITIOUS BUSINESS NAME STATEMENT File No. 2019299253

The following person(s) is (are) doing business as: ANDREA RUIZ, 10485 CARRUSELLO ST STE 103, NORTH HOLLYWOOD, CA 91601. Full name of registrant(s) is (are) ANDREA RUIZ, 10485 CARRUSELLO ST, NORTH HOLLYWOOD, CA 91601. This Business is conducted by a CO-PARTNERS. Signed: MILTON CABALLERO, PARTNER. This statement was filed with the County Clerk of Los Angeles County on 11/13/2019.

The registrant(s) has (have) commenced to transact business under the fictitious business name or names listed above. NOTICE: This Fictitious Name Statement expires five years from the date it was filed in the office of the County Clerk. A new Fictitious Business Name Statement must be filed prior to that date. The filing of this statement does not of itself authorize the use in this state of a Fictitious Business Name in violation of the rights of another under Federal, State, or common law (See section 14411 et seq. Business and Professions Code)

Publish: ES Mountain Views News

NOV 23, 30, DEC 7, 14, 2019

FICTITIOUS BUSINESS NAME STATEMENT File No. 2019290405

The following person(s) is (are) doing business as: VALLEYFORNIA SMOKE SHOP, 7934 BALBOA BLVD, VAN NUYS, CA 91406. Full name of registrant(s) is (are) DAVID DALTON, 7934 BALBOA BLVD, VAN NUYS, CA 91406. This Business is conducted by an INDIVIDUAL. Signed: DAVID DALTON. This statement was filed with the County Clerk of Los Angeles County on 11/06/2019.

The registrant(s) has (have) commenced to transact business under the fictitious business name or names listed above. NOTICE: This Fictitious Name Statement expires five years from the date it was filed in the office of the County Clerk. A new Fictitious Business Name Statement must be filed prior to that date. The filing of this statement does not of itself authorize the use in this state of a Fictitious Business Name in violation of the rights of another under Federal, State, or common law (See section 14411 et seq. Business and Professions Code)

Publish: ES Mountain Views News

NOV 23, 30, DEC 7, 14, 2019

Mountain Views News 80 W Sierra Madre Blvd. No. 327 Sierra Madre, Ca. 91024 Office: 626.355.2737 Fax: 626.609.3285 Email: editor@mtnviewsnews.com
